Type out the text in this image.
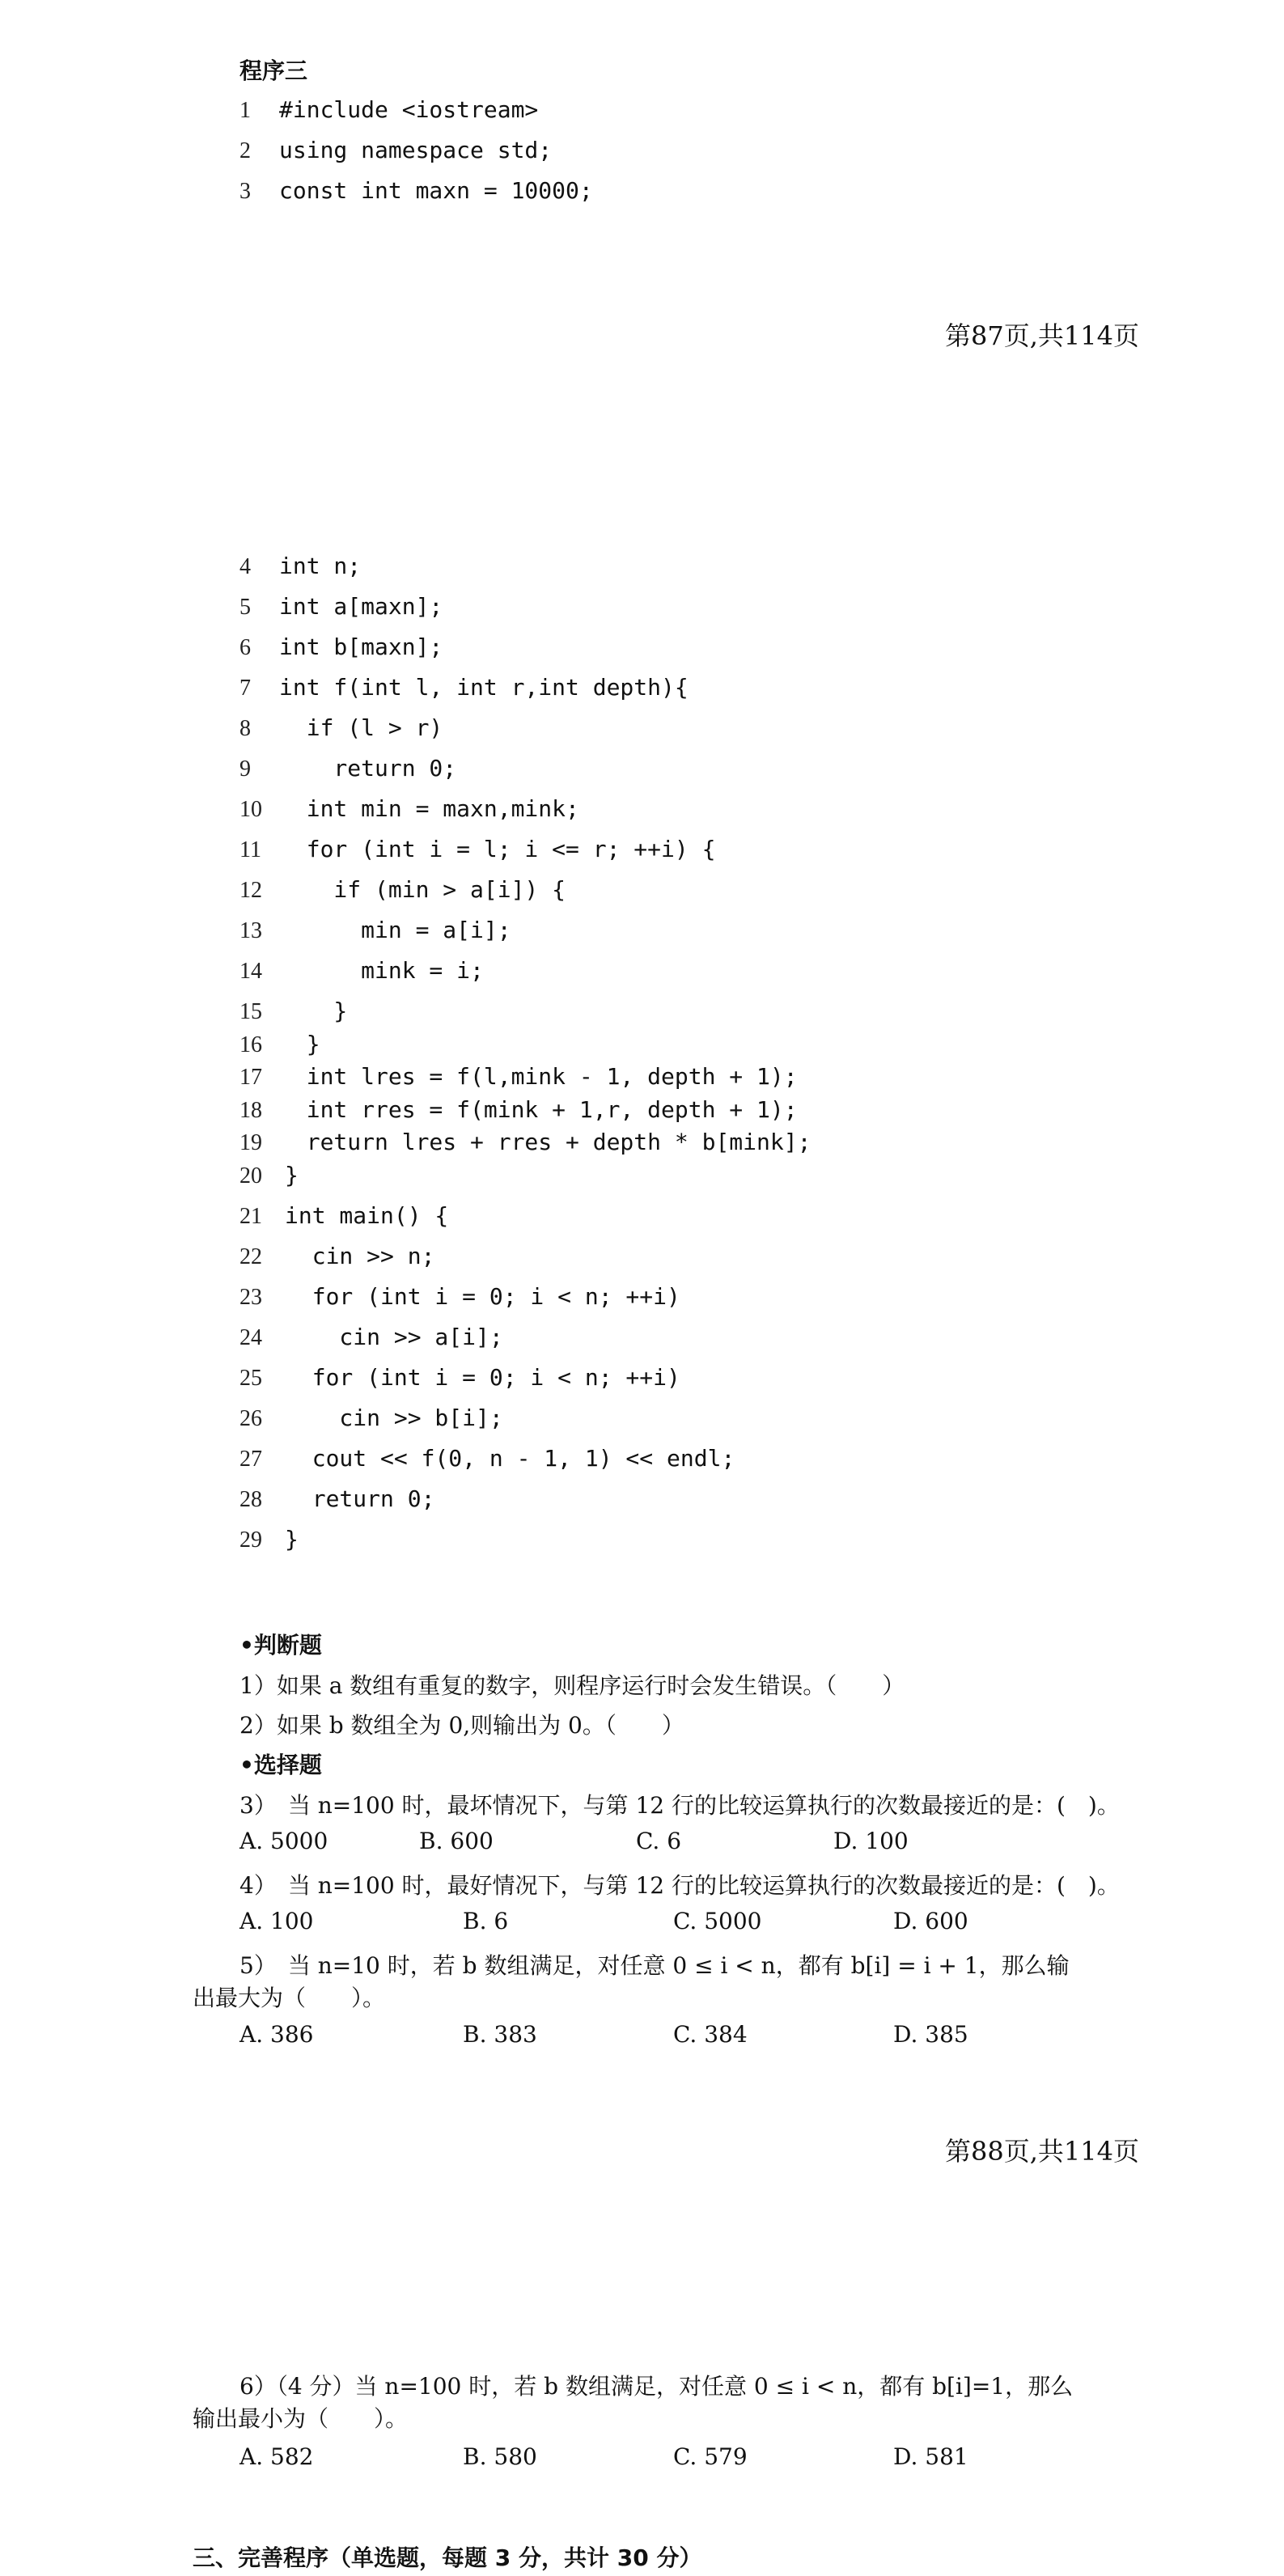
程序三
1 #include <iostream>
2 using namespace std;
3 const int maxn = 10000;
第87页,共114页
4 int n;
5 int a[maxn];
6 int b[maxn];
7 int f(int l, int r,int depth){
8 if (l > r)
9 return 0;
10 int min = maxn,mink;
11 for (int i = l; i <= r; ++i) {
12 if (min > a[i]) {
13 min = a[i];
14 mink = i;
15 }
16 }
17 int lres = f(l,mink - 1, depth + 1);
18 int rres = f(mink + 1,r, depth + 1);
19 return lres + rres + depth * b[mink];
20 }
21 int main() {
22 cin >> n;
23 for (int i = 0; i < n; ++i)
24 cin >> a[i];
25 for (int i = 0; i < n; ++i)
26 cin >> b[i];
27 cout << f(0, n - 1, 1) << endl;
28 return 0;
29 }
•判断题
1）如果 a 数组有重复的数字，则程序运行时会发生错误。（　　）
2）如果 b 数组全为 0,则输出为 0。（　　）
•选择题
3）　当 n=100 时，最坏情况下，与第 12 行的比较运算执行的次数最接近的是：(　)。
A. 5000	B. 600	C. 6	D. 100
4）　当 n=100 时，最好情况下，与第 12 行的比较运算执行的次数最接近的是：(　)。
A. 100	B. 6	C. 5000	D. 600
5）　当 n=10 时，若 b 数组满足，对任意 0 ≤ i < n，都有 b[i] = i + 1，那么输
出最大为（　　）。
A. 386	B. 383	C. 384	D. 385
第88页,共114页
6）（4 分）当 n=100 时，若 b 数组满足，对任意 0 ≤ i < n，都有 b[i]=1，那么
输出最小为（　　）。
A. 582	B. 580	C. 579	D. 581
三、完善程序（单选题，每题 3 分，共计 30 分）
